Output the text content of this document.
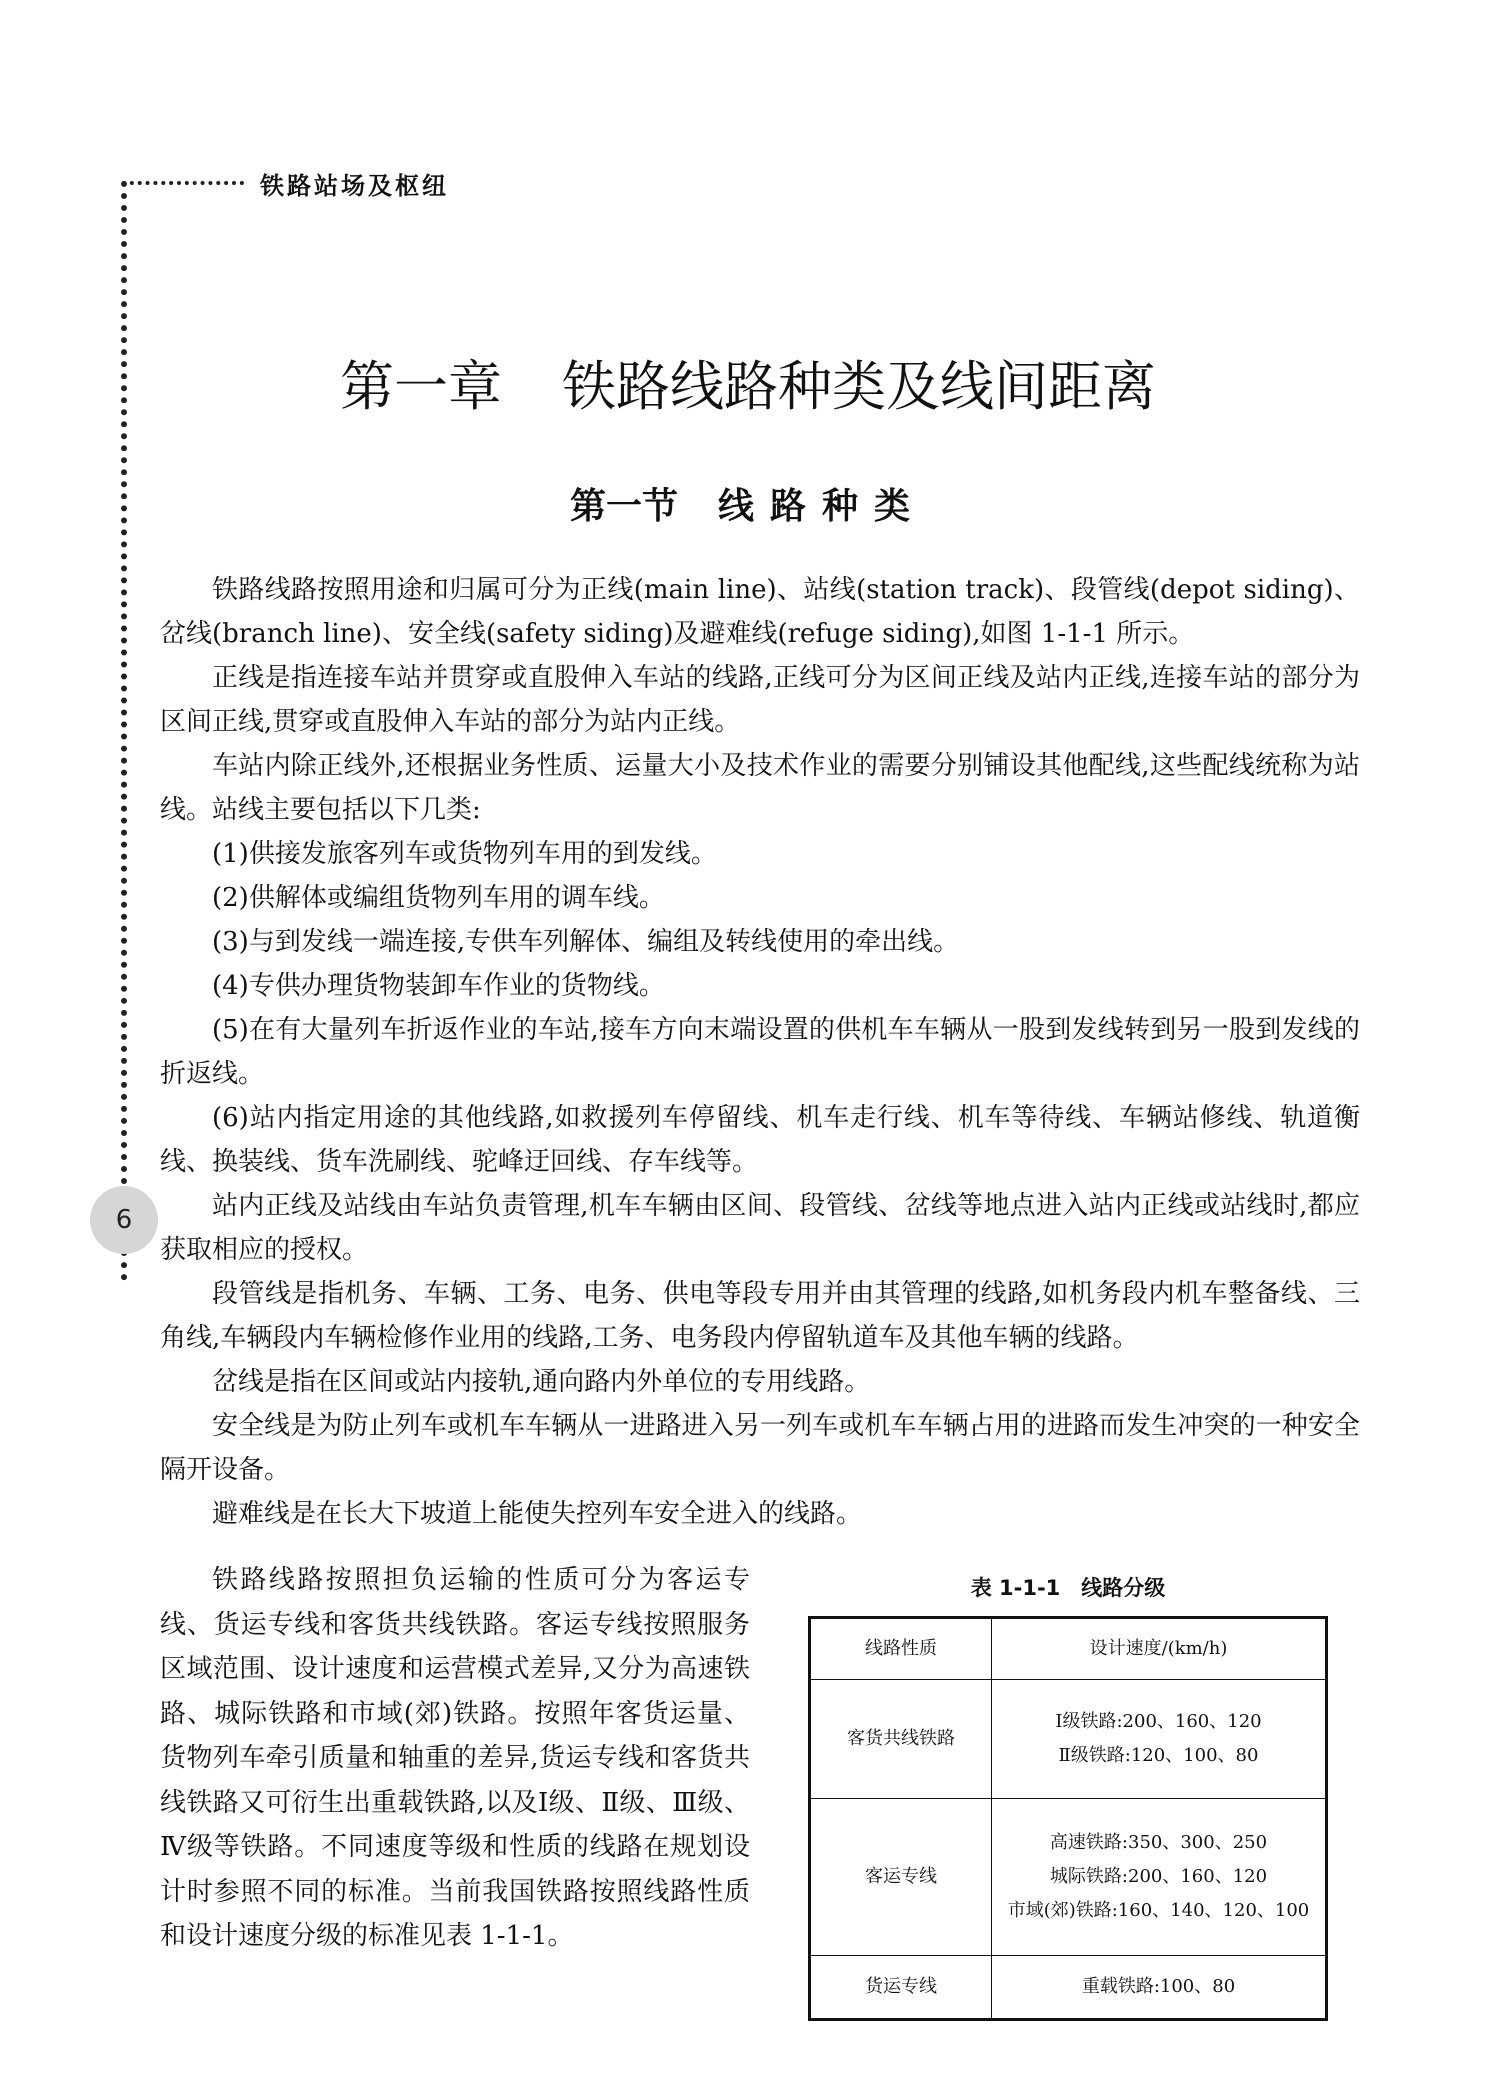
铁路站场及枢纽
6
第一章 铁路线路种类及线间距离
第一节 线路种类

铁路线路按照用途和归属可分为正线(main line)、站线(station track)、段管线(depot siding)、岔线(branch line)、安全线(safety siding)及避难线(refuge siding),如图 1-1-1 所示。

正线是指连接车站并贯穿或直股伸入车站的线路,正线可分为区间正线及站内正线,连接车站的部分为区间正线,贯穿或直股伸入车站的部分为站内正线。

车站内除正线外,还根据业务性质、运量大小及技术作业的需要分别铺设其他配线,这些配线统称为站线。站线主要包括以下几类:

(1)供接发旅客列车或货物列车用的到发线。

(2)供解体或编组货物列车用的调车线。

(3)与到发线一端连接,专供车列解体、编组及转线使用的牵出线。

(4)专供办理货物装卸车作业的货物线。

(5)在有大量列车折返作业的车站,接车方向末端设置的供机车车辆从一股到发线转到另一股到发线的折返线。

(6)站内指定用途的其他线路,如救援列车停留线、机车走行线、机车等待线、车辆站修线、轨道衡线、换装线、货车洗刷线、驼峰迂回线、存车线等。

站内正线及站线由车站负责管理,机车车辆由区间、段管线、岔线等地点进入站内正线或站线时,都应获取相应的授权。

段管线是指机务、车辆、工务、电务、供电等段专用并由其管理的线路,如机务段内机车整备线、三角线,车辆段内车辆检修作业用的线路,工务、电务段内停留轨道车及其他车辆的线路。

岔线是指在区间或站内接轨,通向路内外单位的专用线路。

安全线是为防止列车或机车车辆从一进路进入另一列车或机车车辆占用的进路而发生冲突的一种安全隔开设备。

避难线是在长大下坡道上能使失控列车安全进入的线路。

铁路线路按照担负运输的性质可分为客运专线、货运专线和客货共线铁路。客运专线按照服务区域范围、设计速度和运营模式差异,又分为高速铁路、城际铁路和市域(郊)铁路。按照年客货运量、货物列车牵引质量和轴重的差异,货运专线和客货共线铁路又可衍生出重载铁路,以及Ⅰ级、Ⅱ级、Ⅲ级、Ⅳ级等铁路。不同速度等级和性质的线路在规划设计时参照不同的标准。当前我国铁路按照线路性质和设计速度分级的标准见表 1-1-1。

表 1-1-1　线路分级

线路性质	设计速度/(km/h)
客货共线铁路	Ⅰ级铁路:200、160、120
Ⅱ级铁路:120、100、80

客运专线	高速铁路:350、300、250
城际铁路:200、160、120
市域(郊)铁路:160、140、120、100

货运专线	重载铁路:100、80
